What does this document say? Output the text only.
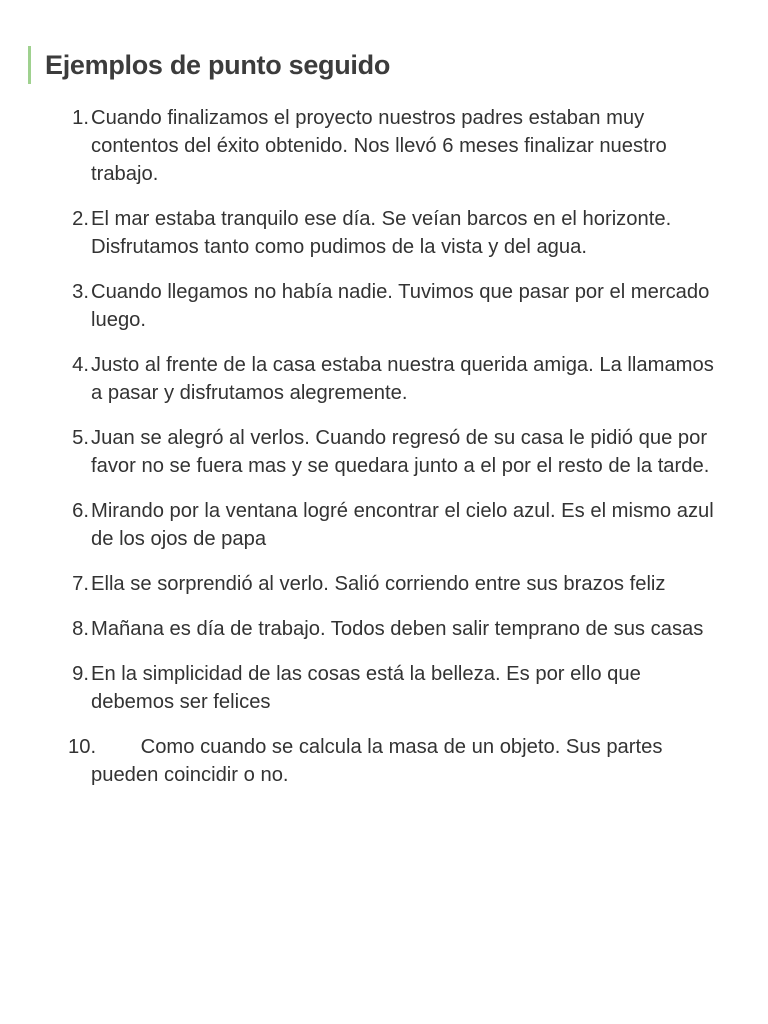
Ejemplos de punto seguido
1. Cuando finalizamos el proyecto nuestros padres estaban muy contentos del éxito obtenido. Nos llevó 6 meses finalizar nuestro trabajo.
2. El mar estaba tranquilo ese día. Se veían barcos en el horizonte. Disfrutamos tanto como pudimos de la vista y del agua.
3. Cuando llegamos no había nadie. Tuvimos que pasar por el mercado luego.
4. Justo al frente de la casa estaba nuestra querida amiga. La llamamos a pasar y disfrutamos alegremente.
5. Juan se alegró al verlos. Cuando regresó de su casa le pidió que por favor no se fuera mas y se quedara junto a el por el resto de la tarde.
6. Mirando por la ventana logré encontrar el cielo azul. Es el mismo azul de los ojos de papa
7. Ella se sorprendió al verlo. Salió corriendo entre sus brazos feliz
8. Mañana es día de trabajo. Todos deben salir temprano de sus casas
9. En la simplicidad de las cosas está la belleza. Es por ello que debemos ser felices
10. Como cuando se calcula la masa de un objeto. Sus partes pueden coincidir o no.
